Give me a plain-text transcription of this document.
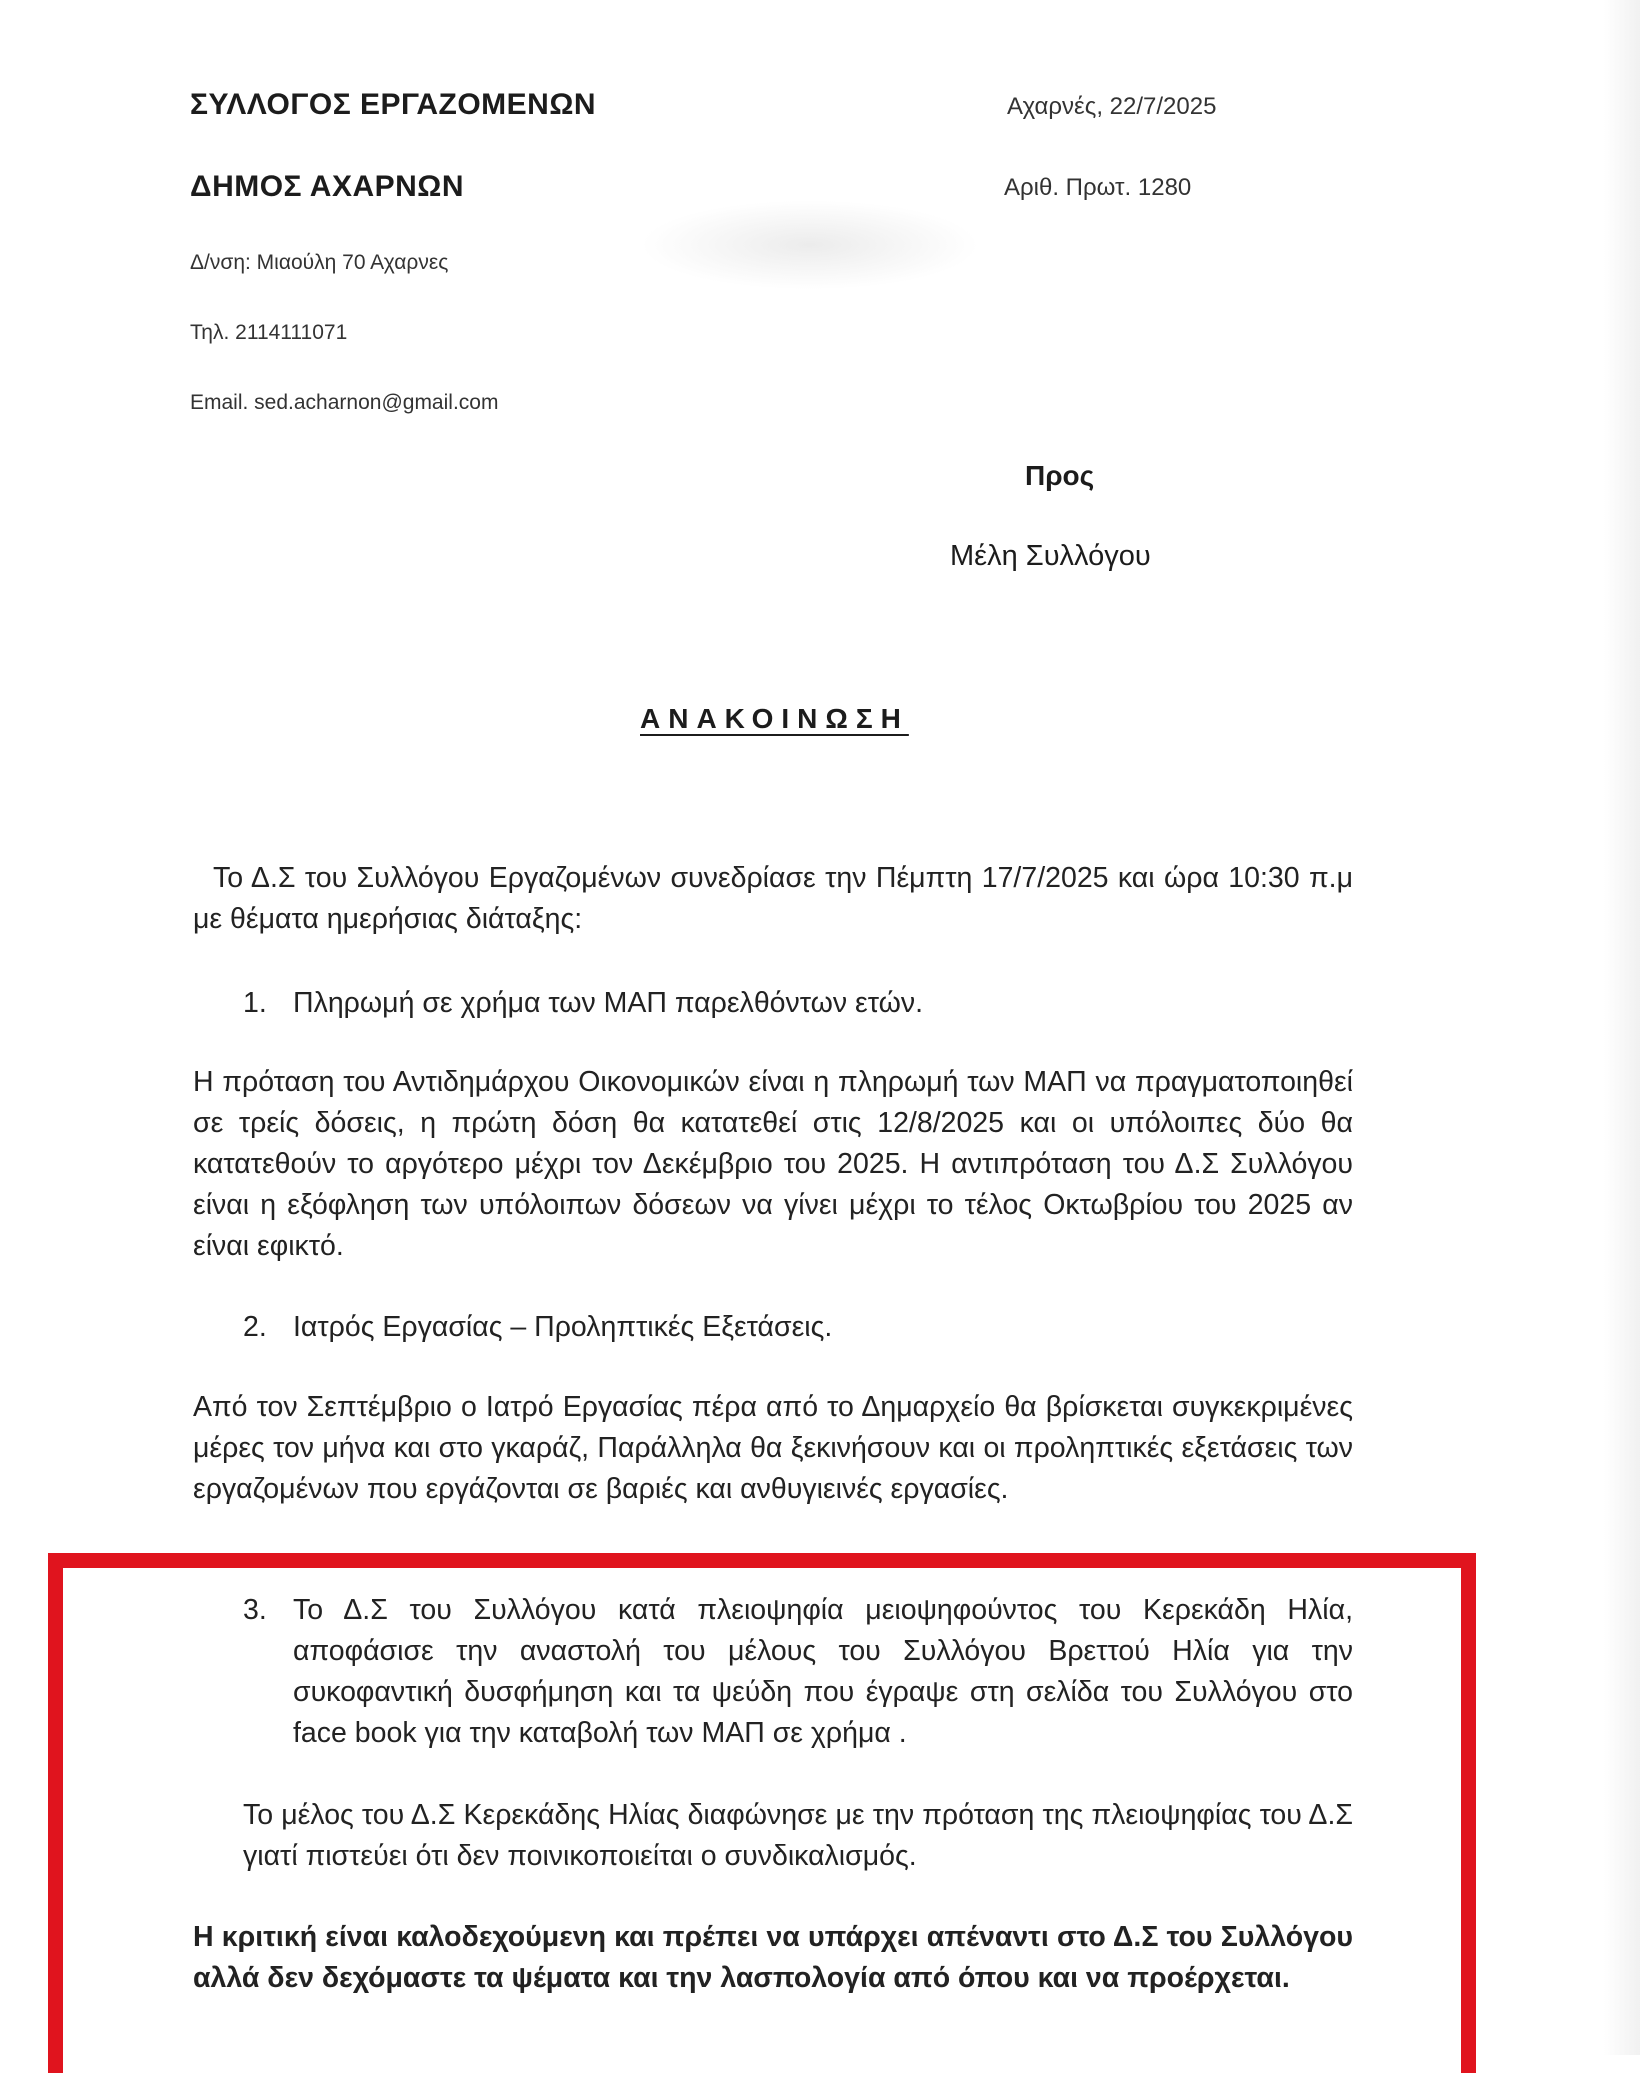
ΣΥΛΛΟΓΟΣ ΕΡΓΑΖΟΜΕΝΩΝ
ΔΗΜΟΣ ΑΧΑΡΝΩΝ
Δ/νση: Μιαούλη 70 Αχαρνες
Τηλ. 2114111071
Email. sed.acharnon@gmail.com
Αχαρνές, 22/7/2025
Αριθ. Πρωτ. 1280
Προς
Μέλη Συλλόγου
ΑΝΑΚΟΙΝΩΣΗ
Το Δ.Σ του Συλλόγου Εργαζομένων συνεδρίασε την Πέμπτη 17/7/2025 και ώρα 10:30 π.μ με θέματα ημερήσιας διάταξης:
1. Πληρωμή σε χρήμα των ΜΑΠ παρελθόντων ετών.
Η πρόταση του Αντιδημάρχου Οικονομικών είναι η πληρωμή των ΜΑΠ να πραγματοποιηθεί σε τρείς δόσεις, η πρώτη δόση θα κατατεθεί στις 12/8/2025 και οι υπόλοιπες δύο θα κατατεθούν το αργότερο μέχρι τον Δεκέμβριο του 2025. Η αντιπρόταση του Δ.Σ Συλλόγου είναι η εξόφληση των υπόλοιπων δόσεων να γίνει μέχρι το τέλος Οκτωβρίου του 2025 αν είναι εφικτό.
2. Ιατρός Εργασίας – Προληπτικές Εξετάσεις.
Από τον Σεπτέμβριο ο Ιατρό Εργασίας πέρα από το Δημαρχείο θα βρίσκεται συγκεκριμένες μέρες τον μήνα και στο γκαράζ, Παράλληλα θα ξεκινήσουν και οι προληπτικές εξετάσεις των εργαζομένων που εργάζονται σε βαριές και ανθυγιεινές εργασίες.
3. Το Δ.Σ του Συλλόγου κατά πλειοψηφία μειοψηφούντος του Κερεκάδη Ηλία, αποφάσισε την αναστολή του μέλους του Συλλόγου Βρεττού Ηλία για την συκοφαντική δυσφήμηση και τα ψεύδη που έγραψε στη σελίδα του Συλλόγου στο face book για την καταβολή των ΜΑΠ σε χρήμα .
Το μέλος του Δ.Σ Κερεκάδης Ηλίας διαφώνησε με την πρόταση της πλειοψηφίας του Δ.Σ γιατί πιστεύει ότι δεν ποινικοποιείται ο συνδικαλισμός.
Η κριτική είναι καλοδεχούμενη και πρέπει να υπάρχει απέναντι στο Δ.Σ του Συλλόγου αλλά δεν δεχόμαστε τα ψέματα και την λασπολογία από όπου και να προέρχεται.
